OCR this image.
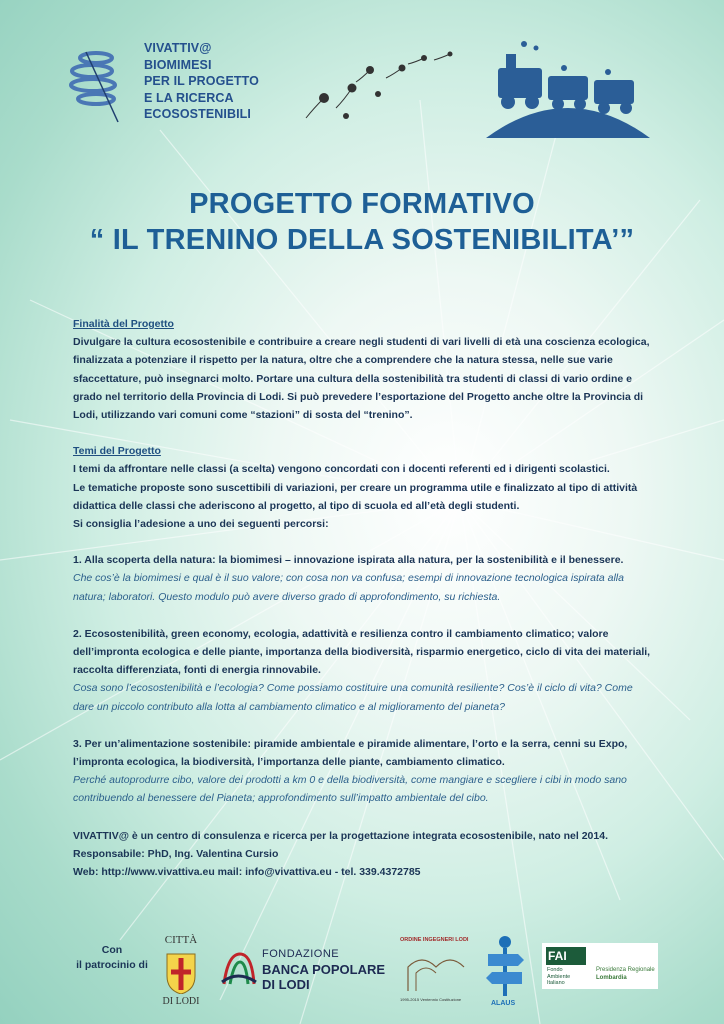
VIVATTIV@
BIOMIMESI
PER IL PROGETTO
E LA RICERCA
ECOSOSTENIBILI
PROGETTO FORMATIVO
“ IL TRENINO DELLA SOSTENIBILITA’”
Finalità del Progetto
Divulgare la cultura ecosostenibile e contribuire a creare negli studenti di vari livelli di età una coscienza ecologica,
finalizzata a potenziare il rispetto per la natura, oltre che a comprendere che la natura stessa, nelle sue varie
sfaccettature, può insegnarci molto. Portare una cultura della sostenibilità tra studenti di classi di vario ordine e
grado nel territorio della Provincia di Lodi. Si può prevedere l’esportazione del Progetto anche oltre la Provincia di
Lodi, utilizzando vari comuni come “stazioni” di sosta del “trenino”.
Temi del Progetto
I temi da affrontare nelle classi (a scelta) vengono concordati con i docenti referenti ed i dirigenti scolastici.
Le tematiche proposte sono suscettibili di variazioni, per creare un programma utile e finalizzato al tipo di attività
didattica delle classi che aderiscono al progetto, al tipo di scuola ed all’età degli studenti.
Si consiglia l’adesione a uno dei seguenti percorsi:
1. Alla scoperta della natura: la biomimesi – innovazione ispirata alla natura, per la sostenibilità e il benessere.
Che cos’è la biomimesi e qual è il suo valore; con cosa non va confusa; esempi di innovazione tecnologica ispirata alla
natura; laboratori. Questo modulo può avere diverso grado di approfondimento, su richiesta.
2. Ecosostenibilità, green economy, ecologia, adattività e resilienza contro il cambiamento climatico; valore
dell’impronta ecologica e delle piante, importanza della biodiversità, risparmio energetico, ciclo di vita dei materiali,
raccolta differenziata, fonti di energia rinnovabile.
Cosa sono l’ecosostenibilità e l’ecologia? Come possiamo costituire una comunità resiliente? Cos’è il ciclo di vita? Come
dare un piccolo contributo alla lotta al cambiamento climatico e al miglioramento del pianeta?
3. Per un’alimentazione sostenibile: piramide ambientale e piramide alimentare, l’orto e la serra, cenni su Expo,
l’impronta ecologica, la biodiversità, l’importanza delle piante, cambiamento climatico.
Perché autoprodurre cibo, valore dei prodotti a km 0 e della biodiversità, come mangiare e scegliere i cibi in modo sano
contribuendo al benessere del Pianeta; approfondimento sull’impatto ambientale del cibo.
VIVATTIV@ è un centro di consulenza e ricerca per la progettazione integrata ecosostenibile, nato nel 2014.
Responsabile: PhD, Ing. Valentina Cursio
Web: http://www.vivattiva.eu mail: info@vivattiva.eu - tel. 339.4372785
Con
il patrocinio di
CITTÀ
DI LODI
FONDAZIONE
BANCA POPOLARE
DI LODI
ORDINE INGEGNERI LODI
1995-2015 Ventennio Costituzione
ALAUS
FAI
Fondo
Ambiente
Italiano
Presidenza Regionale
Lombardia
